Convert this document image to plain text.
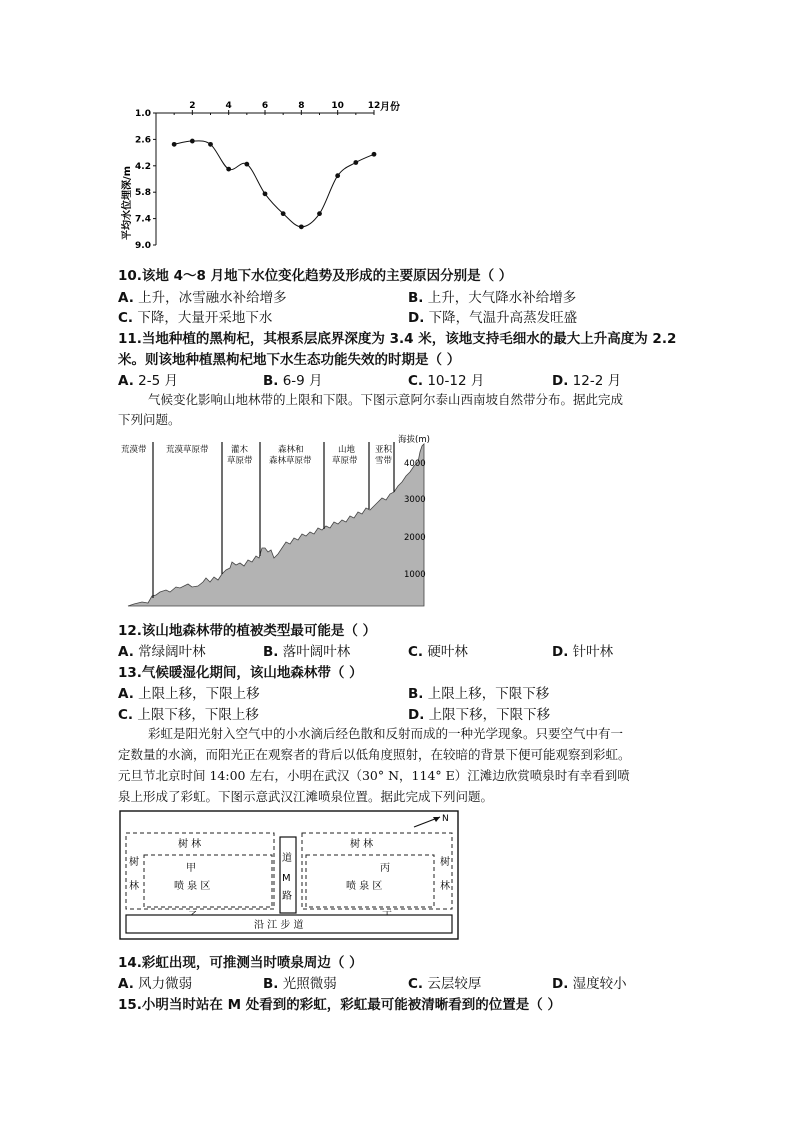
平均水位埋深/m
2	4	6	8	10	12
1.0
2.6
4.2
5.8
7.4
9.0
月份
10.该地 4～8 月地下水位变化趋势及形成的主要原因分别是（ ）
A. 上升，冰雪融水补给增多	B. 上升，大气降水补给增多
C. 下降，大量开采地下水	D. 下降，气温升高蒸发旺盛
11.当地种植的黑枸杞，其根系层底界深度为 3.4 米，该地支持毛细水的最大上升高度为 2.2
米。则该地种植黑枸杞地下水生态功能失效的时期是（ ）
A. 2-5 月	B. 6-9 月	C. 10-12 月	D. 12-2 月
气候变化影响山地林带的上限和下限。下图示意阿尔泰山西南坡自然带分布。据此完成
下列问题。
荒漠带 荒漠草原带	灌木
草原带
森林和
森林草原带
山地
草原带
亚积
雪带
海拔(m)
4000
3000
2000
1000
12.该山地森林带的植被类型最可能是（ ）
A. 常绿阔叶林	B. 落叶阔叶林	C. 硬叶林	D. 针叶林
13.气候暖湿化期间，该山地森林带（ ）
A. 上限上移，下限上移	B. 上限上移，下限下移
C. 上限下移，下限上移	D. 上限下移，下限下移
彩虹是阳光射入空气中的小水滴后经色散和反射而成的一种光学现象。只要空气中有一
定数量的水滴，而阳光正在观察者的背后以低角度照射，在较暗的背景下便可能观察到彩虹。
元旦节北京时间 14:00 左右，小明在武汉（30° N，114° E）江滩边欣赏喷泉时有幸看到喷
泉上形成了彩虹。下图示意武汉江滩喷泉位置。据此完成下列问题。
N
树 林
树
林
甲
喷 泉 区
道
M
路
树 林
树
林
丙
喷 泉 区
沿 江 步 道
14.彩虹出现，可推测当时喷泉周边（ ）
A. 风力微弱	B. 光照微弱	C. 云层较厚	D. 湿度较小
15.小明当时站在 M 处看到的彩虹，彩虹最可能被清晰看到的位置是（ ）
